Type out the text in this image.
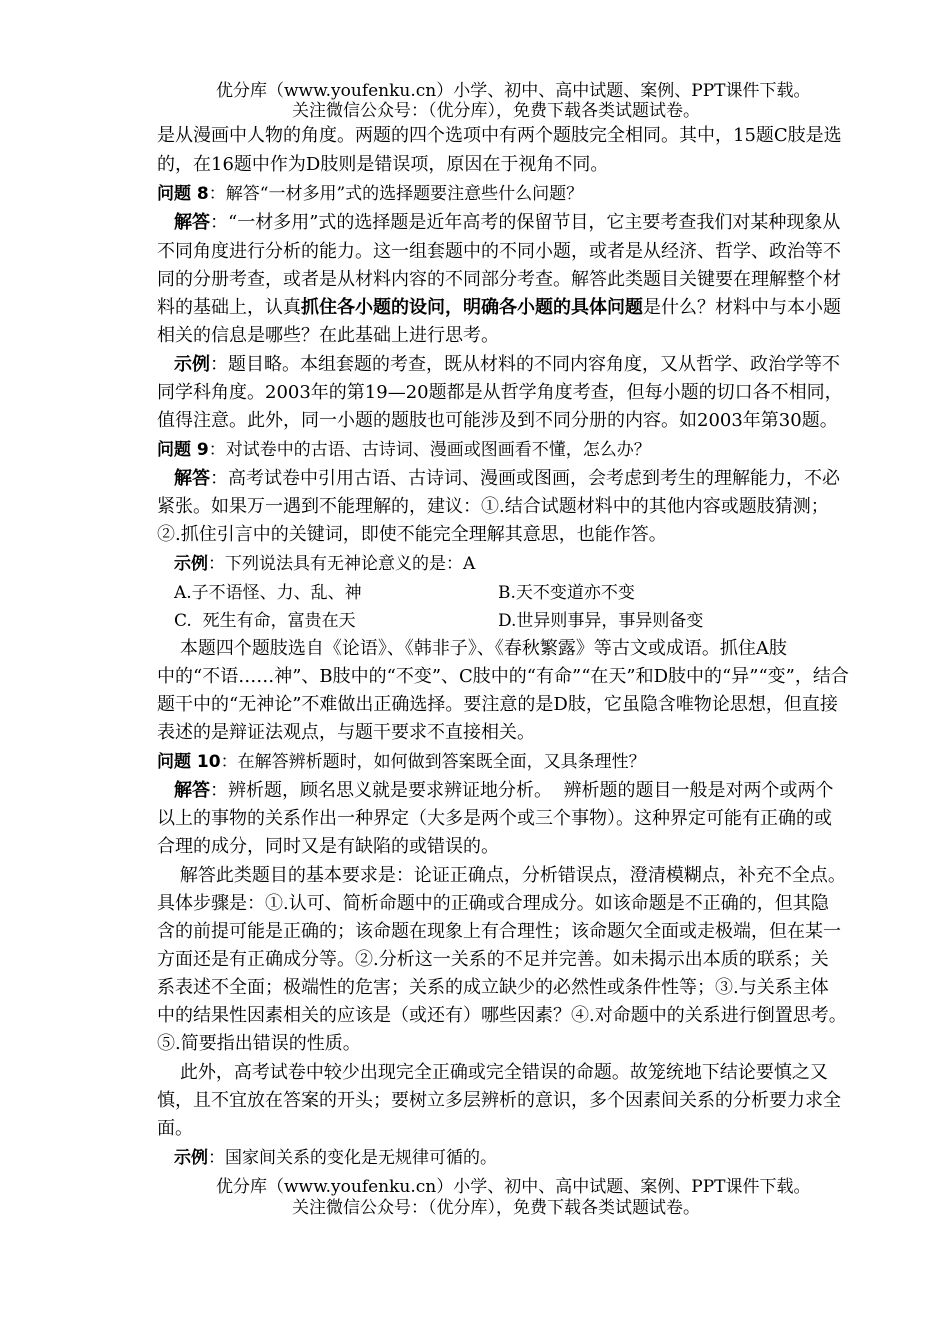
优分库（www.youfenku.cn）小学、初中、高中试题、案例、PPT课件下载。
关注微信公众号：（优分库），免费下载各类试题试卷。
是从漫画中人物的角度。两题的四个选项中有两个题肢完全相同。其中，15题C肢是选
的，在16题中作为D肢则是错误项，原因在于视角不同。
问题 8：解答“一材多用”式的选择题要注意些什么问题？
解答：“一材多用”式的选择题是近年高考的保留节目，它主要考查我们对某种现象从
不同角度进行分析的能力。这一组套题中的不同小题，或者是从经济、哲学、政治等不
同的分册考查，或者是从材料内容的不同部分考查。解答此类题目关键要在理解整个材
料的基础上，认真抓住各小题的设问，明确各小题的具体问题是什么？材料中与本小题
相关的信息是哪些？在此基础上进行思考。
示例：题目略。本组套题的考查，既从材料的不同内容角度，又从哲学、政治学等不
同学科角度。2003年的第19—20题都是从哲学角度考查，但每小题的切口各不相同，
值得注意。此外，同一小题的题肢也可能涉及到不同分册的内容。如2003年第30题。
问题 9：对试卷中的古语、古诗词、漫画或图画看不懂，怎么办？
解答：高考试卷中引用古语、古诗词、漫画或图画，会考虑到考生的理解能力，不必
紧张。如果万一遇到不能理解的，建议：①.结合试题材料中的其他内容或题肢猜测；
②.抓住引言中的关键词，即使不能完全理解其意思，也能作答。
示例：下列说法具有无神论意义的是：A
A.子不语怪、力、乱、神	B.天不变道亦不变
C.  死生有命，富贵在天	D.世异则事异，事异则备变
本题四个题肢选自《论语》、《韩非子》、《春秋繁露》等古文或成语。抓住A肢
中的“不语……神”、B肢中的“不变”、C肢中的“有命”“在天”和D肢中的“异”“变”，结合
题干中的“无神论”不难做出正确选择。要注意的是D肢，它虽隐含唯物论思想，但直接
表述的是辩证法观点，与题干要求不直接相关。
问题 10：在解答辨析题时，如何做到答案既全面，又具条理性？
解答：辨析题，顾名思义就是要求辨证地分析。  辨析题的题目一般是对两个或两个
以上的事物的关系作出一种界定（大多是两个或三个事物）。这种界定可能有正确的或
合理的成分，同时又是有缺陷的或错误的。
解答此类题目的基本要求是：论证正确点，分析错误点，澄清模糊点，补充不全点。
具体步骤是：①.认可、简析命题中的正确或合理成分。如该命题是不正确的，但其隐
含的前提可能是正确的；该命题在现象上有合理性；该命题欠全面或走极端，但在某一
方面还是有正确成分等。②.分析这一关系的不足并完善。如未揭示出本质的联系；关
系表述不全面；极端性的危害；关系的成立缺少的必然性或条件性等；③.与关系主体
中的结果性因素相关的应该是（或还有）哪些因素？④.对命题中的关系进行倒置思考。
⑤.简要指出错误的性质。
此外，高考试卷中较少出现完全正确或完全错误的命题。故笼统地下结论要慎之又
慎，且不宜放在答案的开头；要树立多层辨析的意识，多个因素间关系的分析要力求全
面。
示例：国家间关系的变化是无规律可循的。
优分库（www.youfenku.cn）小学、初中、高中试题、案例、PPT课件下载。
关注微信公众号：（优分库），免费下载各类试题试卷。
